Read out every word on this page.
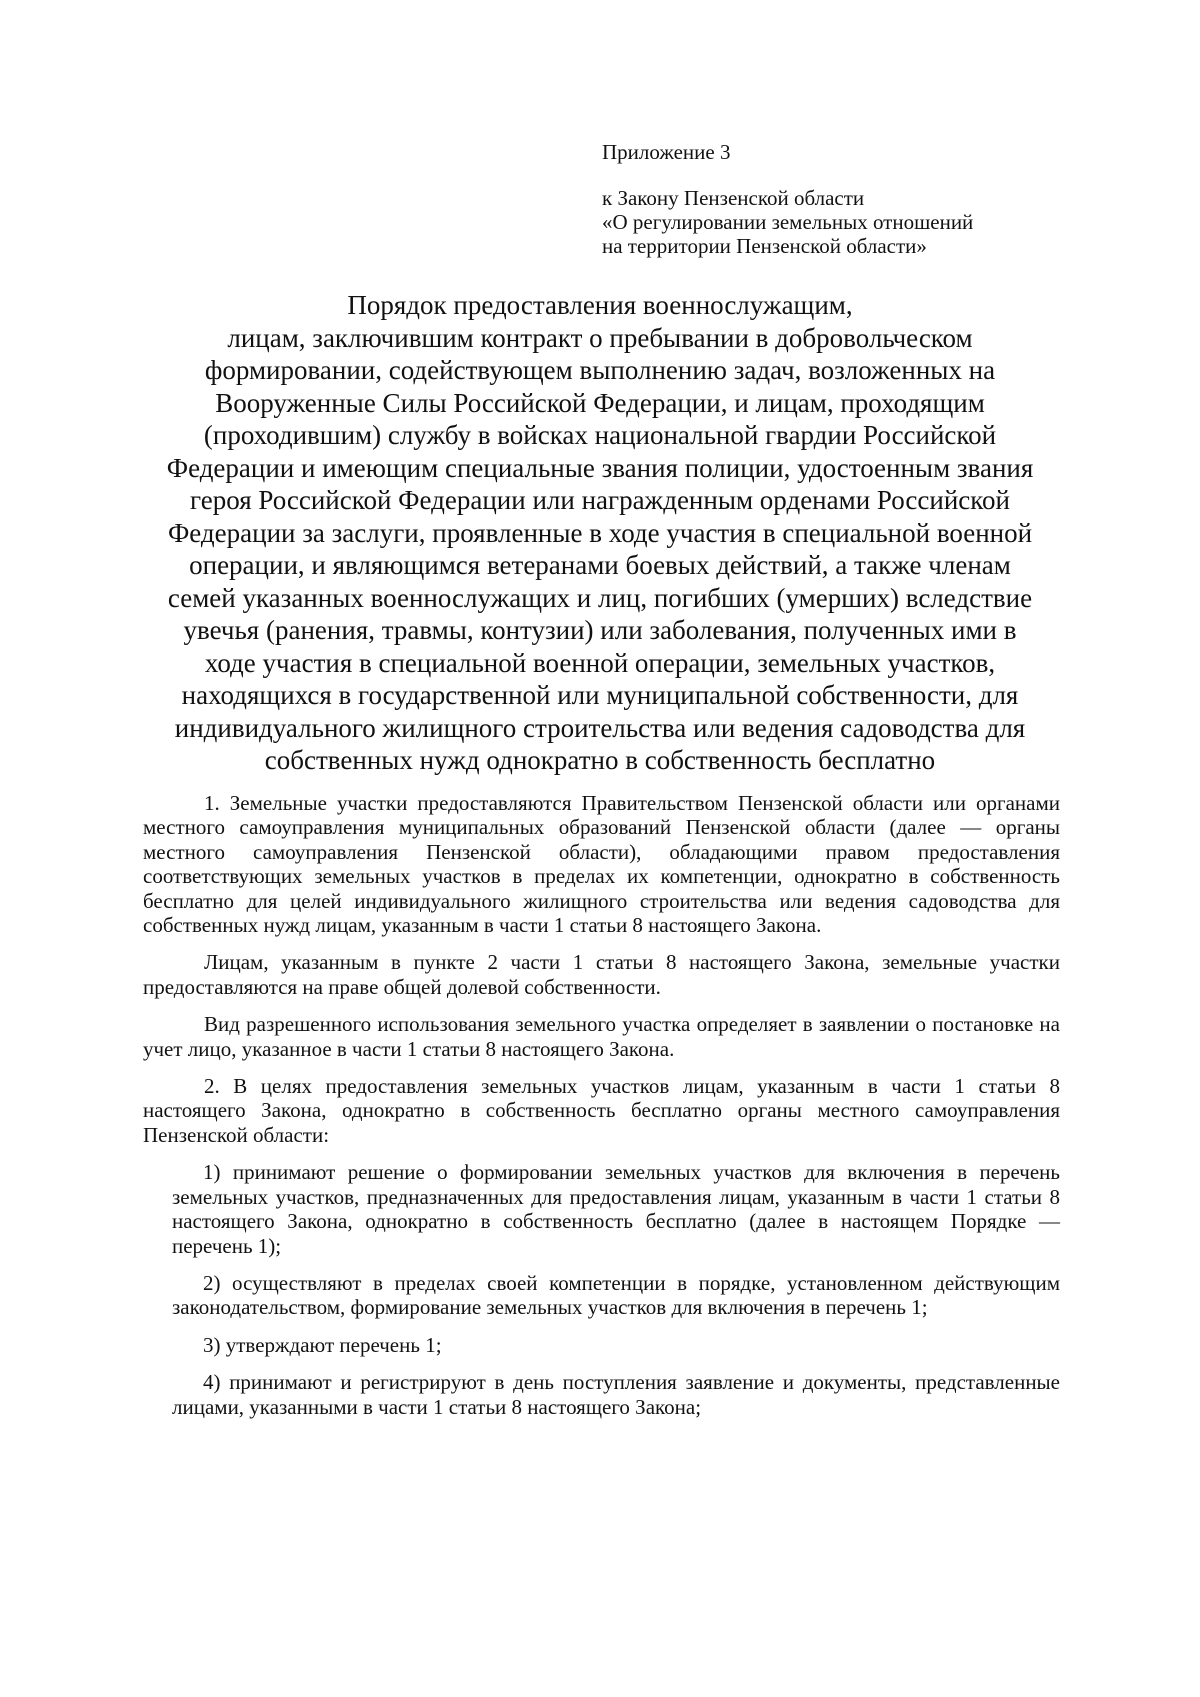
Приложение 3

к Закону Пензенской области
«О регулировании земельных отношений
на территории Пензенской области»

Порядок предоставления военнослужащим,
лицам, заключившим контракт о пребывании в добровольческом
формировании, содействующем выполнению задач, возложенных на
Вооруженные Силы Российской Федерации, и лицам, проходящим
(проходившим) службу в войсках национальной гвардии Российской
Федерации и имеющим специальные звания полиции, удостоенным звания
героя Российской Федерации или награжденным орденами Российской
Федерации за заслуги, проявленные в ходе участия в специальной военной
операции, и являющимся ветеранами боевых действий, а также членам
семей указанных военнослужащих и лиц, погибших (умерших) вследствие
увечья (ранения, травмы, контузии) или заболевания, полученных ими в
ходе участия в специальной военной операции, земельных участков,
находящихся в государственной или муниципальной собственности, для
индивидуального жилищного строительства или ведения садоводства для
собственных нужд однократно в собственность бесплатно

1. Земельные участки предоставляются Правительством Пензенской области или органами местного самоуправления муниципальных образований Пензенской области (далее — органы местного самоуправления Пензенской области), обладающими правом предоставления соответствующих земельных участков в пределах их компетенции, однократно в собственность бесплатно для целей индивидуального жилищного строительства или ведения садоводства для собственных нужд лицам, указанным в части 1 статьи 8 настоящего Закона.

Лицам, указанным в пункте 2 части 1 статьи 8 настоящего Закона, земельные участки предоставляются на праве общей долевой собственности.

Вид разрешенного использования земельного участка определяет в заявлении о постановке на учет лицо, указанное в части 1 статьи 8 настоящего Закона.

2. В целях предоставления земельных участков лицам, указанным в части 1 статьи 8 настоящего Закона, однократно в собственность бесплатно органы местного самоуправления Пензенской области:

1) принимают решение о формировании земельных участков для включения в перечень земельных участков, предназначенных для предоставления лицам, указанным в части 1 статьи 8 настоящего Закона, однократно в собственность бесплатно (далее в настоящем Порядке — перечень 1);

2) осуществляют в пределах своей компетенции в порядке, установленном действующим законодательством, формирование земельных участков для включения в перечень 1;

3) утверждают перечень 1;

4) принимают и регистрируют в день поступления заявление и документы, представленные лицами, указанными в части 1 статьи 8 настоящего Закона;
